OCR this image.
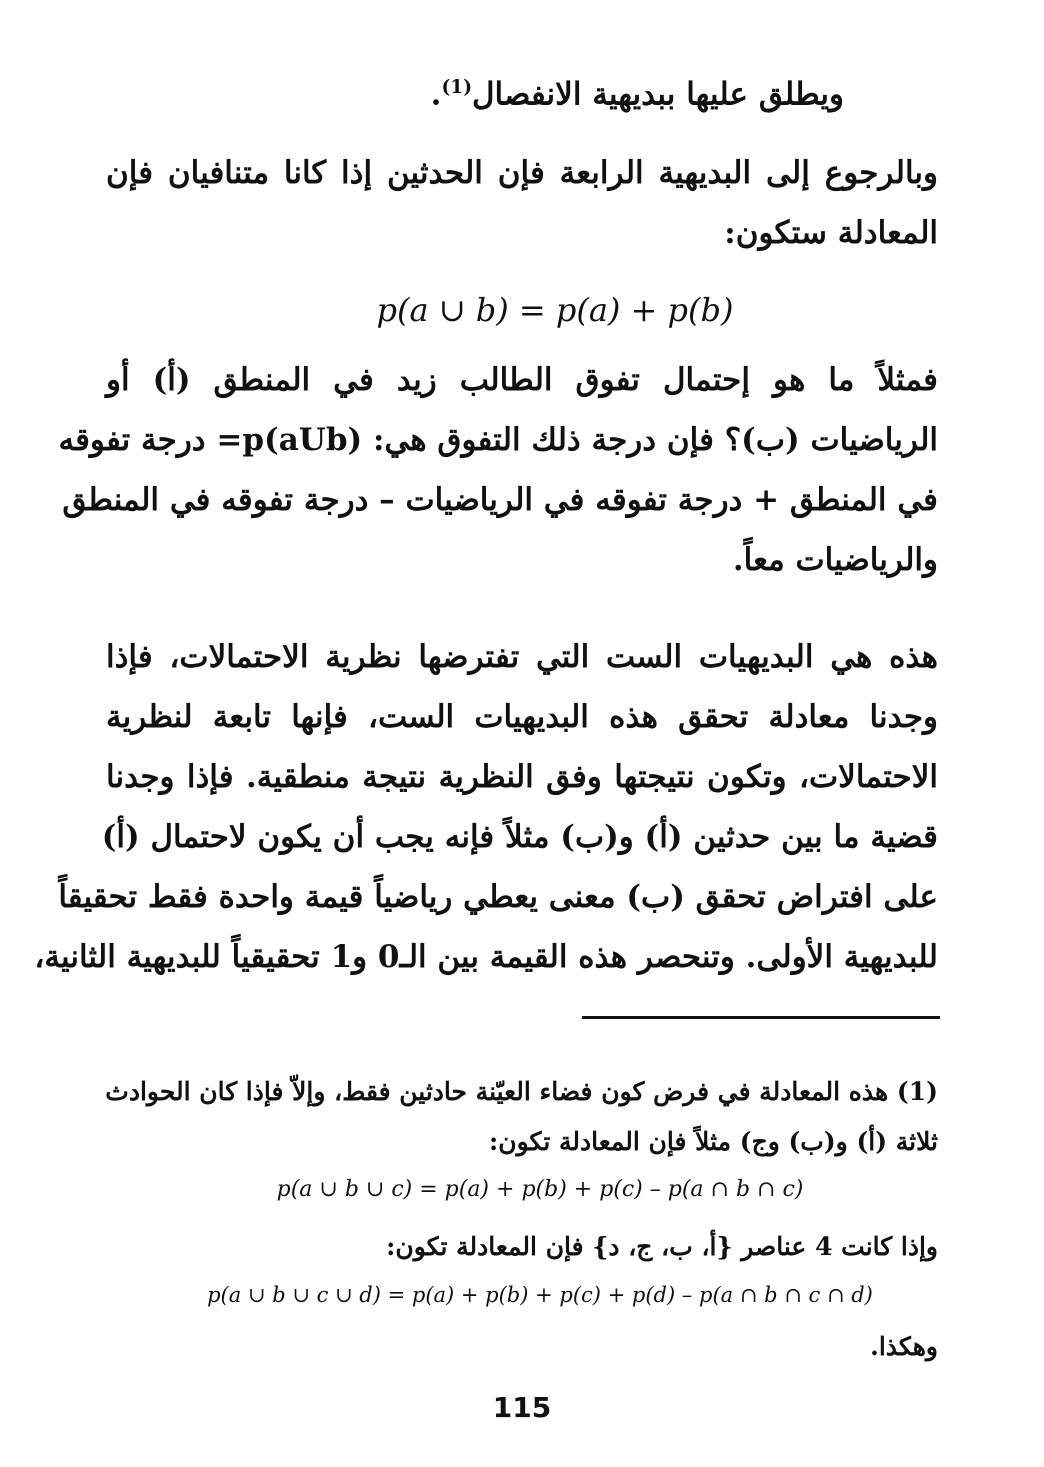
ويطلق عليها ببديهية الانفصال$^{(1)}$.
وبالرجوع إلى البديهية الرابعة فإن الحدثين إذا كانا متنافيان فإن
المعادلة ستكون:
p(a ∪ b) = p(a) + p(b)
فمثلاً ما هو إحتمال تفوق الطالب زيد في المنطق (أ) أو
الرياضيات (ب)؟ فإن درجة ذلك التفوق هي: (p(aUb= درجة تفوقه
في المنطق + درجة تفوقه في الرياضيات – درجة تفوقه في المنطق
والرياضيات معاً.
هذه هي البديهيات الست التي تفترضها نظرية الاحتمالات، فإذا
وجدنا معادلة تحقق هذه البديهيات الست، فإنها تابعة لنظرية
الاحتمالات، وتكون نتيجتها وفق النظرية نتيجة منطقية. فإذا وجدنا
قضية ما بين حدثين (أ) و(ب) مثلاً فإنه يجب أن يكون لاحتمال (أ)
على افتراض تحقق (ب) معنى يعطي رياضياً قيمة واحدة فقط تحقيقاً
للبديهية الأولى. وتنحصر هذه القيمة بين الـ0 و1 تحقيقياً للبديهية الثانية،
(1) هذه المعادلة في فرض كون فضاء العيّنة حادثين فقط، وإلاّ فإذا كان الحوادث
ثلاثة (أ) و(ب) وج) مثلاً فإن المعادلة تكون:
p(a ∪ b ∪ c) = p(a) + p(b) + p(c) – p(a ∩ b ∩ c)
وإذا كانت 4 عناصر {أ، ب، ج، د} فإن المعادلة تكون:
p(a ∪ b ∪ c ∪ d) = p(a) + p(b) + p(c) + p(d) – p(a ∩ b ∩ c ∩ d)
وهكذا.
115
